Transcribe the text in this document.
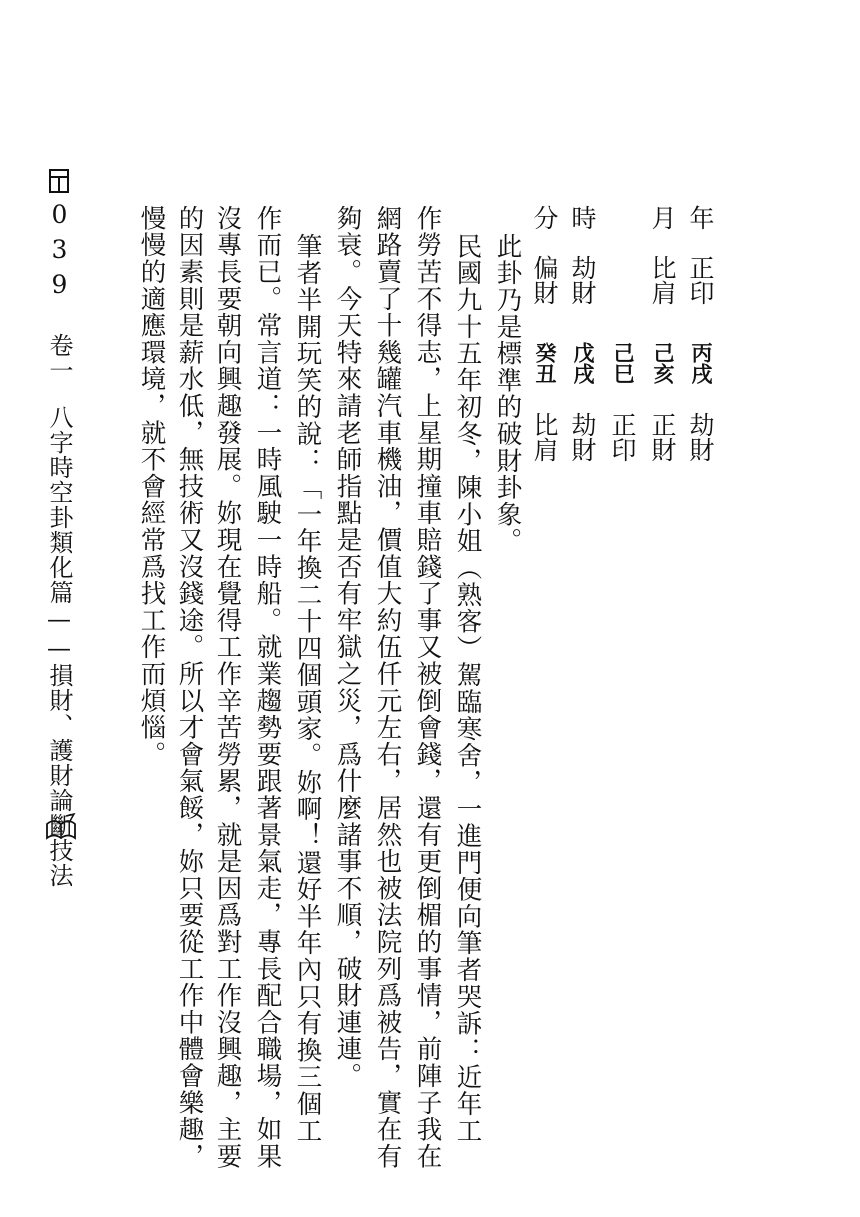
年
月
時
分
正印
比肩
劫財
偏財
丙戌
己亥
己巳
戊戌
癸丑
劫財
正財
正印
劫財
比肩
此卦乃是標準的破財卦象。
民國九十五年初冬，陳小姐（熟客）駕臨寒舍，一進門便向筆者哭訴：近年工
作勞苦不得志，上星期撞車賠錢了事又被倒會錢，還有更倒楣的事情，前陣子我在
網路賣了十幾罐汽車機油，價值大約伍仟元左右，居然也被法院列爲被告，實在有
夠衰。今天特來請老師指點是否有牢獄之災，爲什麼諸事不順，破財連連。
筆者半開玩笑的說：「一年換二十四個頭家。妳啊！還好半年內只有換三個工
作而已。常言道：一時風駛一時船。就業趨勢要跟著景氣走，專長配合職場，如果
沒專長要朝向興趣發展。妳現在覺得工作辛苦勞累，就是因爲對工作沒興趣，主要
的因素則是薪水低，無技術又沒錢途。所以才會氣餒，妳只要從工作中體會樂趣，
慢慢的適應環境，就不會經常爲找工作而煩惱。
039
卷一八字時空卦類化篇——損財、護財論斷技法
